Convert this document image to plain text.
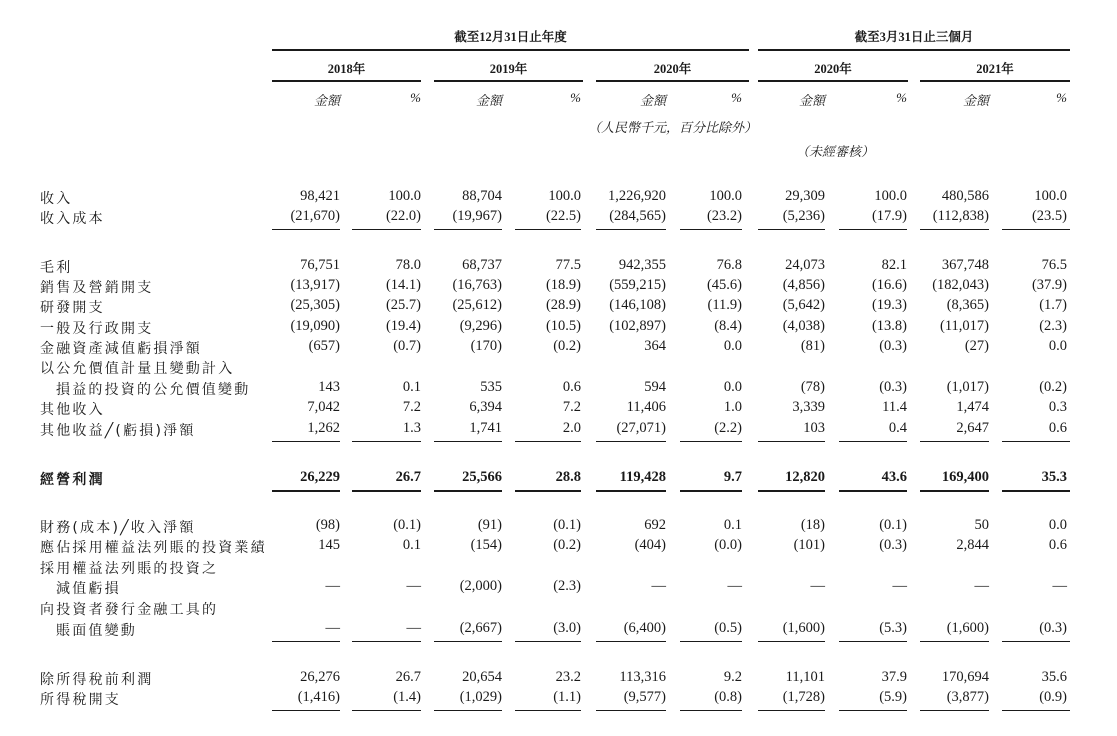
截至12月31日止年度	截至3月31日止三個月
2018年	2019年	2020年	2020年	2021年
金額	%	金額	%	金額	%	金額	%	金額	%
（人民幣千元，百分比除外）
（未經審核）
收入	98,421	100.0	88,704	100.0	1,226,920	100.0	29,309	100.0	480,586	100.0
收入成本	(21,670)	(22.0)	(19,967)	(22.5)	(284,565)	(23.2)	(5,236)	(17.9)	(112,838)	(23.5)
毛利	76,751	78.0	68,737	77.5	942,355	76.8	24,073	82.1	367,748	76.5
銷售及營銷開支	(13,917)	(14.1)	(16,763)	(18.9)	(559,215)	(45.6)	(4,856)	(16.6)	(182,043)	(37.9)
研發開支	(25,305)	(25.7)	(25,612)	(28.9)	(146,108)	(11.9)	(5,642)	(19.3)	(8,365)	(1.7)
一般及行政開支	(19,090)	(19.4)	(9,296)	(10.5)	(102,897)	(8.4)	(4,038)	(13.8)	(11,017)	(2.3)
金融資產減值虧損淨額	(657)	(0.7)	(170)	(0.2)	364	0.0	(81)	(0.3)	(27)	0.0
以公允價值計量且變動計入
損益的投資的公允價值變動	143	0.1	535	0.6	594	0.0	(78)	(0.3)	(1,017)	(0.2)
其他收入	7,042	7.2	6,394	7.2	11,406	1.0	3,339	11.4	1,474	0.3
其他收益╱(虧損)淨額	1,262	1.3	1,741	2.0	(27,071)	(2.2)	103	0.4	2,647	0.6
經營利潤	26,229	26.7	25,566	28.8	119,428	9.7	12,820	43.6	169,400	35.3
財務(成本)╱收入淨額	(98)	(0.1)	(91)	(0.1)	692	0.1	(18)	(0.1)	50	0.0
應佔採用權益法列賬的投資業績	145	0.1	(154)	(0.2)	(404)	(0.0)	(101)	(0.3)	2,844	0.6
採用權益法列賬的投資之
減值虧損	—	—	(2,000)	(2.3)	—	—	—	—	—	—
向投資者發行金融工具的
賬面值變動	—	—	(2,667)	(3.0)	(6,400)	(0.5)	(1,600)	(5.3)	(1,600)	(0.3)
除所得稅前利潤	26,276	26.7	20,654	23.2	113,316	9.2	11,101	37.9	170,694	35.6
所得稅開支	(1,416)	(1.4)	(1,029)	(1.1)	(9,577)	(0.8)	(1,728)	(5.9)	(3,877)	(0.9)
